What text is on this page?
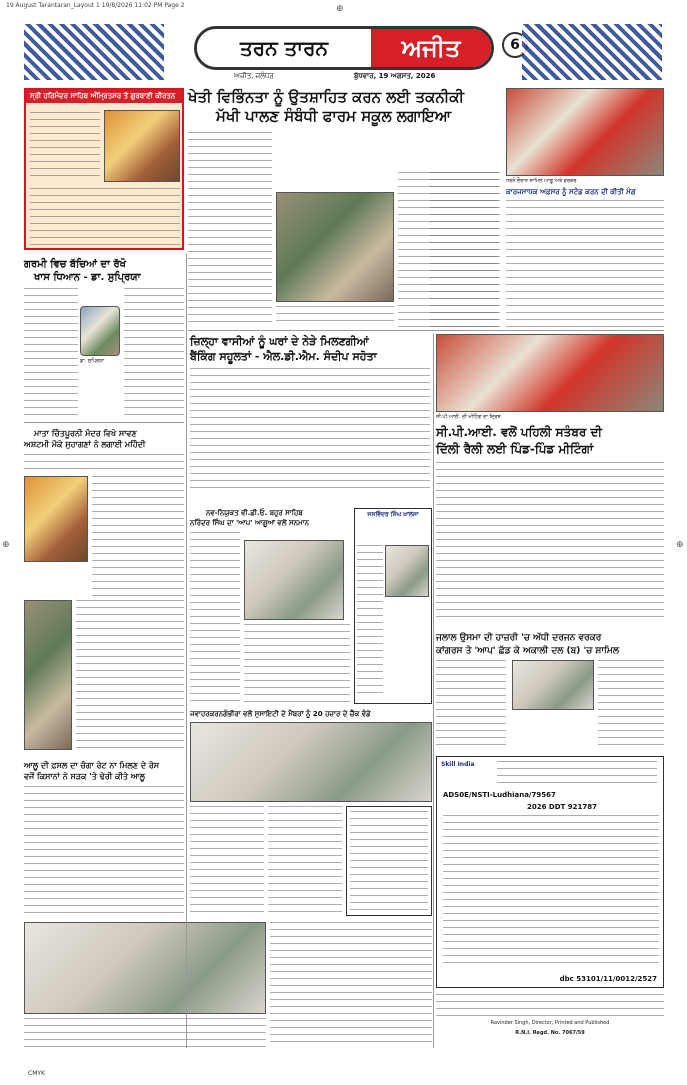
19 August Tarantaran_Layout 1 19/8/2026 11:02 PM Page 2
⊕	⊕
⊕
ਤਰਨ ਤਾਰਨ	ਅਜੀਤ	6
ਅਜੀਤ, ਜਲੰਧਰ	ਬੁੱਧਵਾਰ, 19 ਅਗਸਤ, 2026
ਸ੍ਰੀ ਹਰਿਮੰਦਰ ਸਾਹਿਬ ਅੰਮ੍ਰਿਤਸਰ ਤੋਂ ਗੁਰਬਾਣੀ ਕੀਰਤਨ ਖੇਤੀ ਵਿਭਿੰਨਤਾ ਨੂੰ ਉਤਸ਼ਾਹਿਤ ਕਰਨ ਲਈ ਤਕਨੀਕੀ
ਮੱਖੀ ਪਾਲਣ ਸੰਬੰਧੀ ਫਾਰਮ ਸਕੂਲ ਲਗਾਇਆ
ਧਰਨੇ ਦੌਰਾਨ ਸ਼ਾਮਿਲ ਆਗੂ ਅਤੇ ਵਰਕਰ
ਕਾਰਜਸਾਧਕ ਅਫ਼ਸਰ ਨੂੰ ਸਟੰਡ ਕਰਨ ਦੀ ਕੀਤੀ ਮੰਗ
ਗਰਮੀ ਵਿਚ ਬੱਚਿਆਂ ਦਾ ਰੱਖੋ
ਖਾਸ ਧਿਆਨ - ਡਾ. ਸੁਪ੍ਰਿਯਾ
ਡਾ. ਸੁਪ੍ਰਿਯਾ
ਮਾਤਾ ਚਿੰਤਪੂਰਨੀ ਮੰਦਰ ਵਿਖੇ ਸਾਵਣ
ਅਸ਼ਟਮੀ ਮੌਕੇ ਸੁਹਾਗਣਾਂ ਨੇ ਲਗਾਈ ਮਹਿੰਦੀ
ਜ਼ਿਲ੍ਹਾ ਵਾਸੀਆਂ ਨੂੰ ਘਰਾਂ ਦੇ ਨੇੜੇ ਮਿਲਣਗੀਆਂ
ਬੈਂਕਿੰਗ ਸਹੂਲਤਾਂ - ਐਲ.ਡੀ.ਐਮ. ਸੰਦੀਪ ਸਹੋਤਾ
ਸੀ.ਪੀ.ਆਈ. ਦੀ ਮੀਟਿੰਗ ਦਾ ਦ੍ਰਿਸ਼
ਸੀ.ਪੀ.ਆਈ. ਵਲੋਂ ਪਹਿਲੀ ਸਤੰਬਰ ਦੀ
ਦਿੱਲੀ ਰੈਲੀ ਲਈ ਪਿੰਡ-ਪਿੰਡ ਮੀਟਿੰਗਾਂ
ਨਵ-ਨਿਯੁਕਤ ਵੀ.ਡੀ.ਓ. ਬਹੁਰ ਸਾਹਿਬ
ਨਰਿੰਦਰ ਸਿੰਘ ਦਾ 'ਆਪ' ਆਗੂਆਂ ਵਲੋਂ ਸਨਮਾਨ
ਜਸਵਿੰਦਰ ਸਿੰਘ ਖ਼ਾਲਸਾ
ਜਲਾਲ ਉਸਮਾ ਦੀ ਹਾਜ਼ਰੀ 'ਚ ਅੱਧੀ ਦਰਜਨ ਵਰਕਰ
ਕਾਂਗਰਸ ਤੇ 'ਆਪ' ਛੱਡ ਕੇ ਅਕਾਲੀ ਦਲ (ਬ) 'ਚ ਸ਼ਾਮਿਲ
ਜਵਾਹਰਕਰਨਗੰਭੀਰਾ ਵਲੋਂ ਸੁਸਾਇਟੀ ਦੇ ਮੈਂਬਰਾਂ ਨੂੰ 20 ਹਜ਼ਾਰ ਦੇ ਚੈੱਕ ਵੰਡੇ
ਆਲੂ ਦੀ ਫ਼ਸਲ ਦਾ ਚੰਗਾ ਰੇਟ ਨਾ ਮਿਲਣ ਦੇ ਰੋਸ
ਵਜੋਂ ਕਿਸਾਨਾਂ ਨੇ ਸੜਕ 'ਤੇ ਢੇਰੀ ਕੀਤੇ ਆਲੂ
Skill India
ADS0E/NSTI-Ludhiana/79567
2026 DDT 921787
dbc 53101/11/0012/2527
Ravinder Singh, Director, Printed and Published
R.N.I. Regd. No. 7067/59
CMYK
